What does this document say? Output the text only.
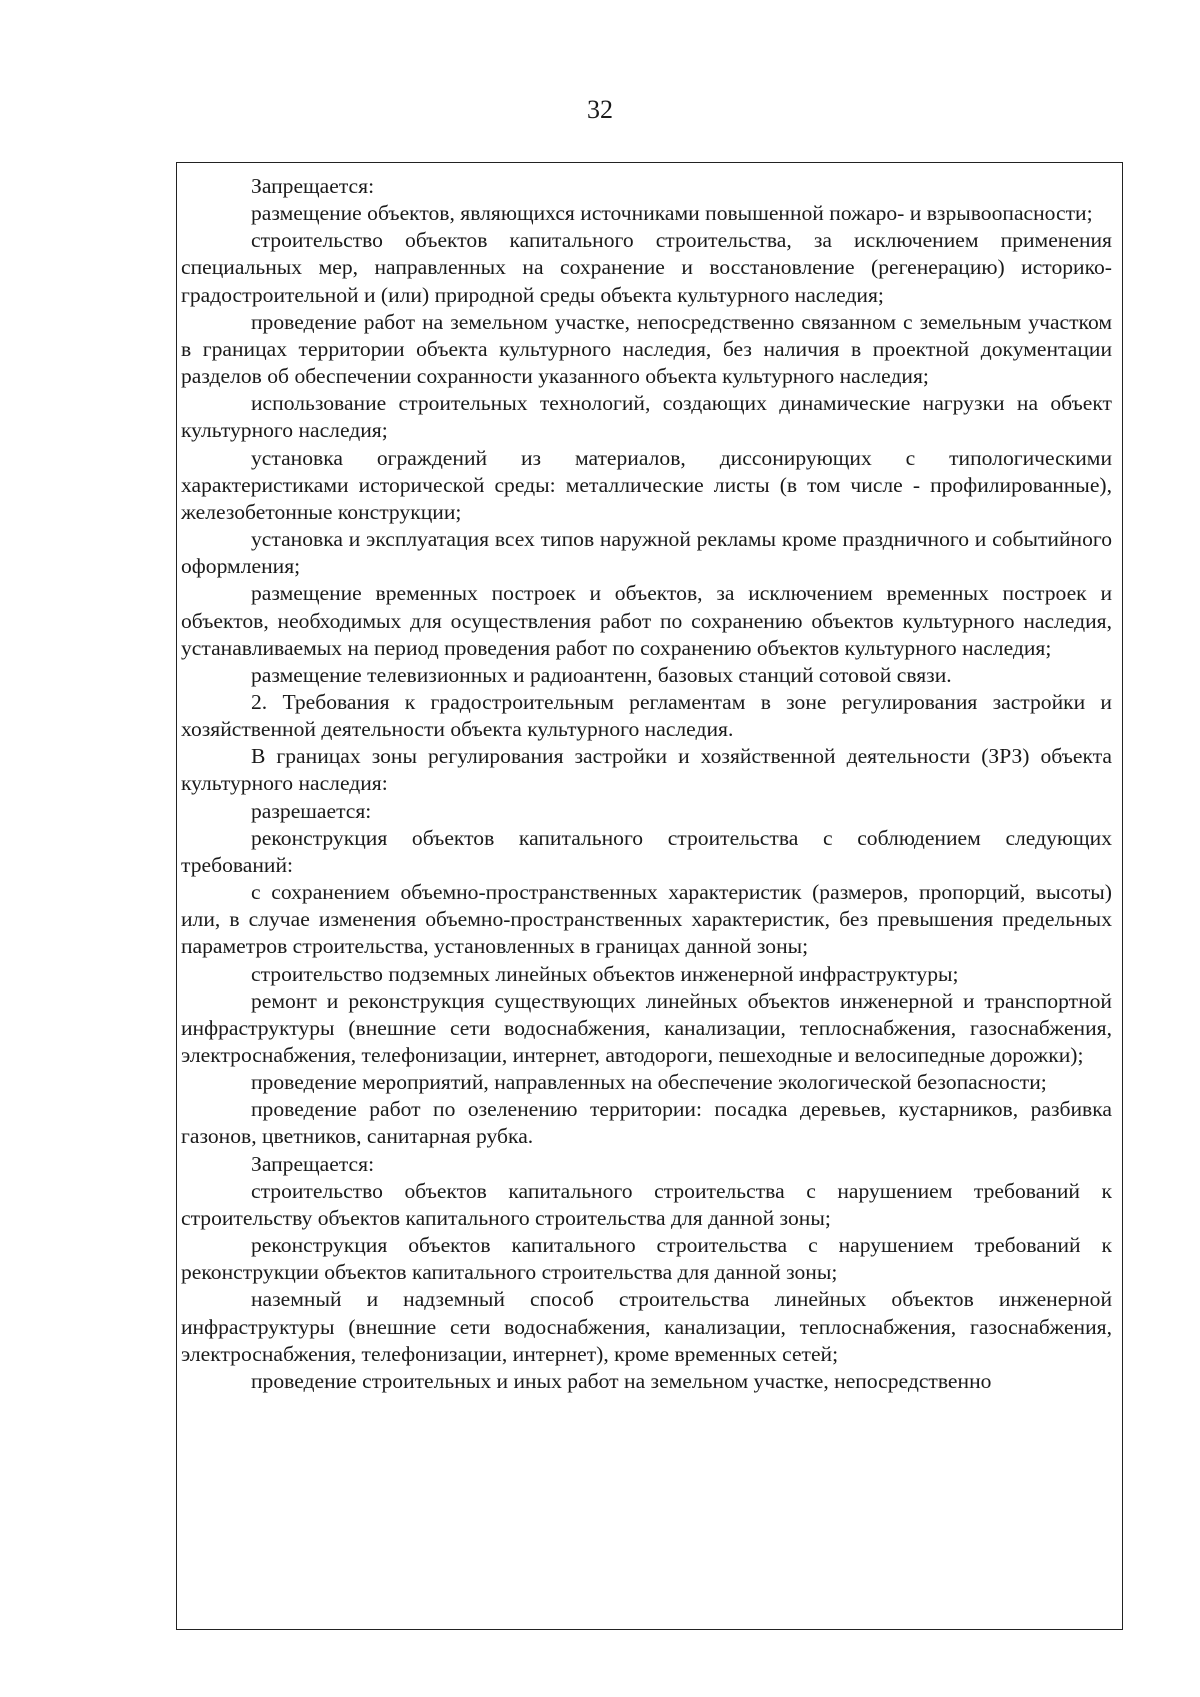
32

Запрещается:

размещение объектов, являющихся источниками повышенной пожаро- и взрывоопасности;

строительство объектов капитального строительства, за исключением применения специальных мер, направленных на сохранение и восстановление (регенерацию) историко-градостроительной и (или) природной среды объекта культурного наследия;

проведение работ на земельном участке, непосредственно связанном с земельным участком в границах территории объекта культурного наследия, без наличия в проектной документации разделов об обеспечении сохранности указанного объекта культурного наследия;

использование строительных технологий, создающих динамические нагрузки на объект культурного наследия;

установка ограждений из материалов, диссонирующих с типологическими характеристиками исторической среды: металлические листы (в том числе - профилированные), железобетонные конструкции;

установка и эксплуатация всех типов наружной рекламы кроме праздничного и событийного оформления;

размещение временных построек и объектов, за исключением временных построек и объектов, необходимых для осуществления работ по сохранению объектов культурного наследия, устанавливаемых на период проведения работ по сохранению объектов культурного наследия;

размещение телевизионных и радиоантенн, базовых станций сотовой связи.

2. Требования к градостроительным регламентам в зоне регулирования застройки и хозяйственной деятельности объекта культурного наследия.

В границах зоны регулирования застройки и хозяйственной деятельности (ЗРЗ) объекта культурного наследия:

разрешается:

реконструкция объектов капитального строительства с соблюдением следующих требований:

с сохранением объемно-пространственных характеристик (размеров, пропорций, высоты) или, в случае изменения объемно-пространственных характеристик, без превышения предельных параметров строительства, установленных в границах данной зоны;

строительство подземных линейных объектов инженерной инфраструктуры;

ремонт и реконструкция существующих линейных объектов инженерной и транспортной инфраструктуры (внешние сети водоснабжения, канализации, теплоснабжения, газоснабжения, электроснабжения, телефонизации, интернет, автодороги, пешеходные и велосипедные дорожки);

проведение мероприятий, направленных на обеспечение экологической безопасности;

проведение работ по озеленению территории: посадка деревьев, кустарников, разбивка газонов, цветников, санитарная рубка.

Запрещается:

строительство объектов капитального строительства с нарушением требований к строительству объектов капитального строительства для данной зоны;

реконструкция объектов капитального строительства с нарушением требований к реконструкции объектов капитального строительства для данной зоны;

наземный и надземный способ строительства линейных объектов инженерной инфраструктуры (внешние сети водоснабжения, канализации, теплоснабжения, газоснабжения, электроснабжения, телефонизации, интернет), кроме временных сетей;

проведение строительных и иных работ на земельном участке, непосредственно
